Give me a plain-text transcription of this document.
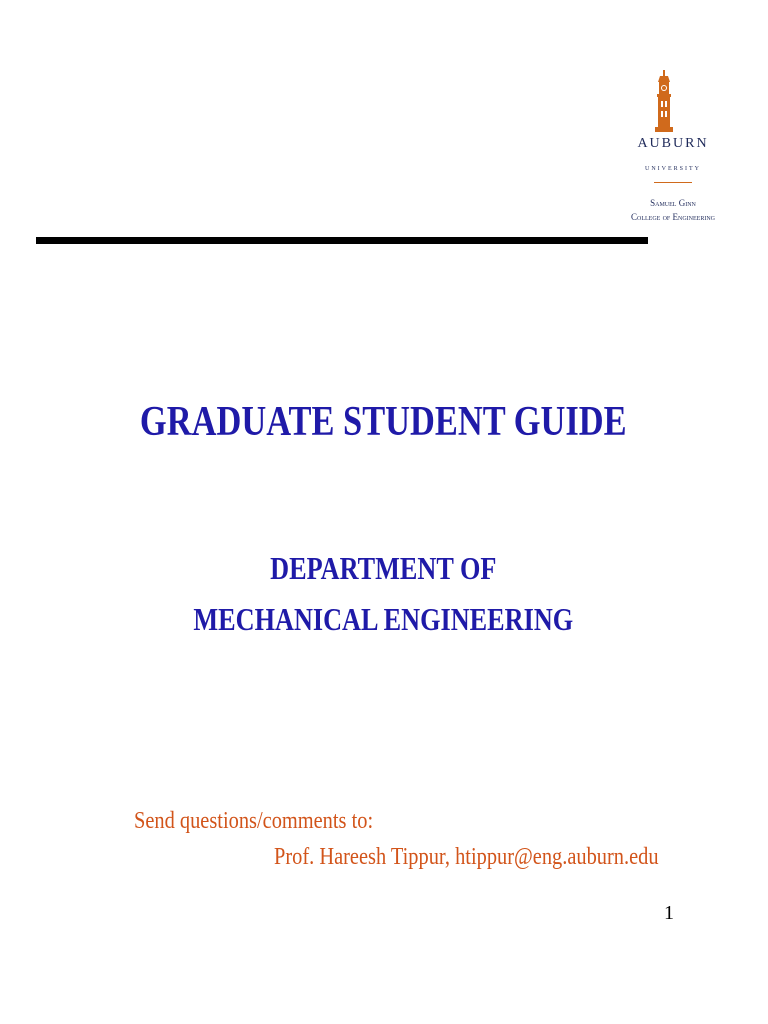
AUBURN
UNIVERSITY
Samuel Ginn
College of Engineering
GRADUATE STUDENT GUIDE
DEPARTMENT OF
MECHANICAL ENGINEERING
Send questions/comments to:
Prof. Hareesh Tippur, htippur@eng.auburn.edu
1
